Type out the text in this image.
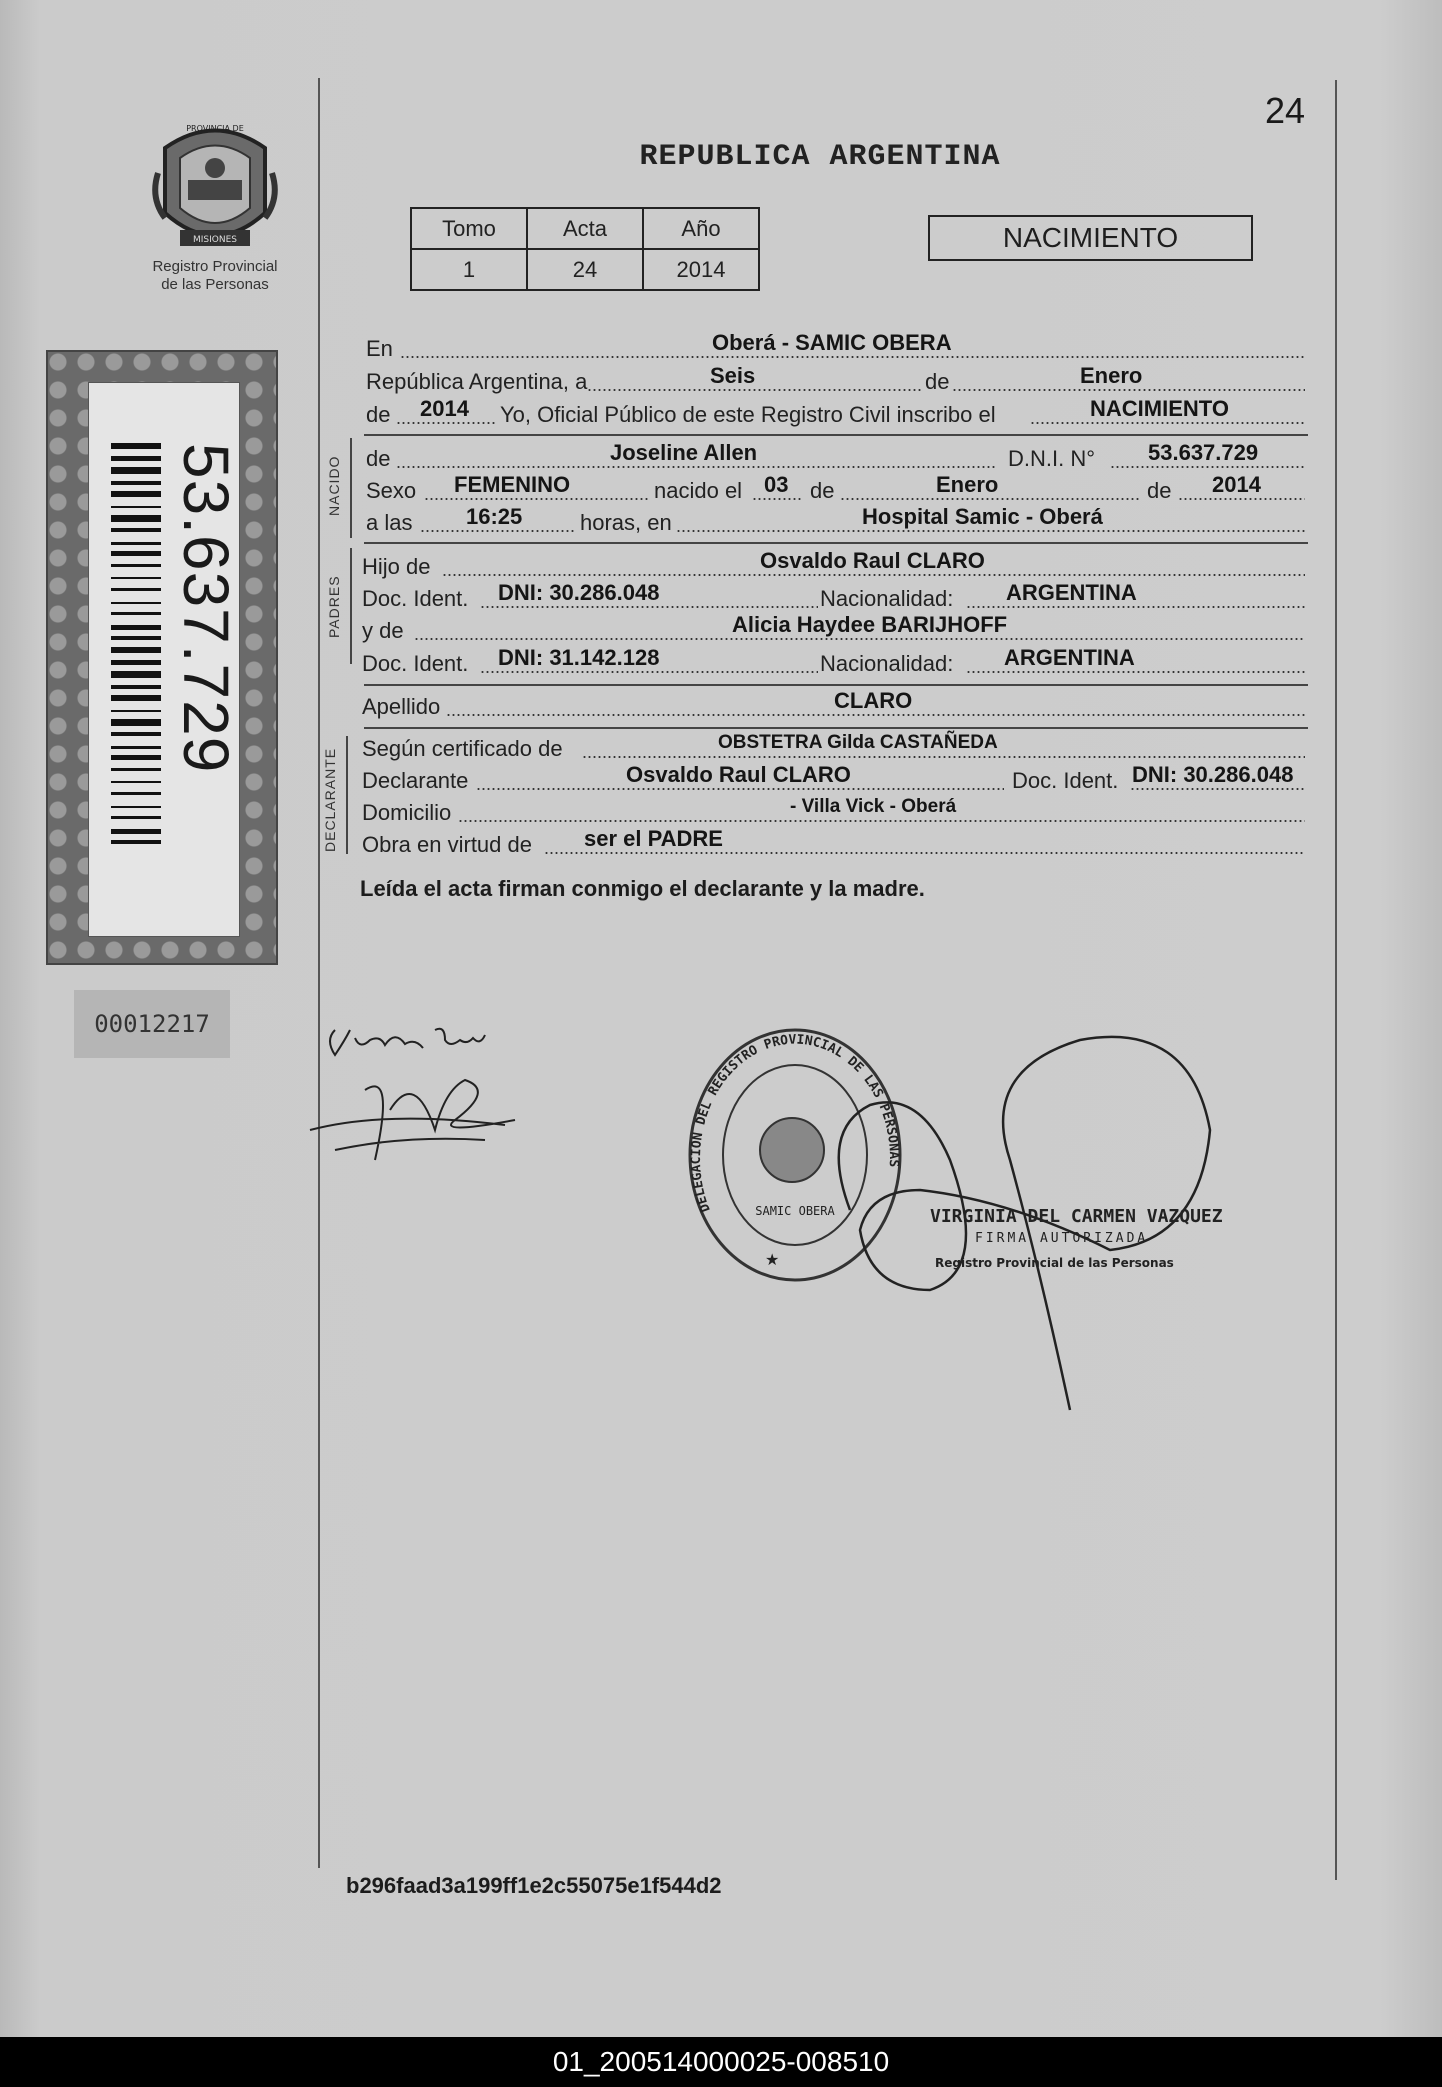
24
REPUBLICA ARGENTINA
MISIONES
PROVINCIA DE
Registro Provincial
de las Personas
53.637.729
00012217
Tomo	Acta	Año
1	24	2014
NACIMIENTO
En	Oberá - SAMIC OBERA
República Argentina, a	Seis	de	Enero
de 2014 Yo, Oficial Público de este Registro Civil inscribo el	NACIMIENTO
NACIDO de	Joseline Allen	D.N.I. N° 53.637.729
Sexo FEMENINO	nacido el 03 de	Enero	de 2014
a las 16:25	horas, en	Hospital Samic - Oberá
PADRES
Hijo de	Osvaldo Raul CLARO
Doc. Ident. DNI: 30.286.048	Nacionalidad: ARGENTINA
y de	Alicia Haydee BARIJHOFF
Doc. Ident. DNI: 31.142.128	Nacionalidad: ARGENTINA
Apellido	CLARO
DECLARANTE Según certificado de	OBSTETRA Gilda CASTAÑEDA
Declarante	Osvaldo Raul CLARO	Doc. Ident. DNI: 30.286.048
Domicilio	- Villa Vick - Oberá
Obra en virtud de ser el PADRE
Leída el acta firman conmigo el declarante y la madre.
DELEGACION DEL REGISTRO PROVINCIAL DE LAS PERSONAS
SAMIC OBERA
★
VIRGINIA DEL CARMEN VAZQUEZ
FIRMA AUTORIZADA
Registro Provincial de las Personas
b296faad3a199ff1e2c55075e1f544d2
01_200514000025-008510
